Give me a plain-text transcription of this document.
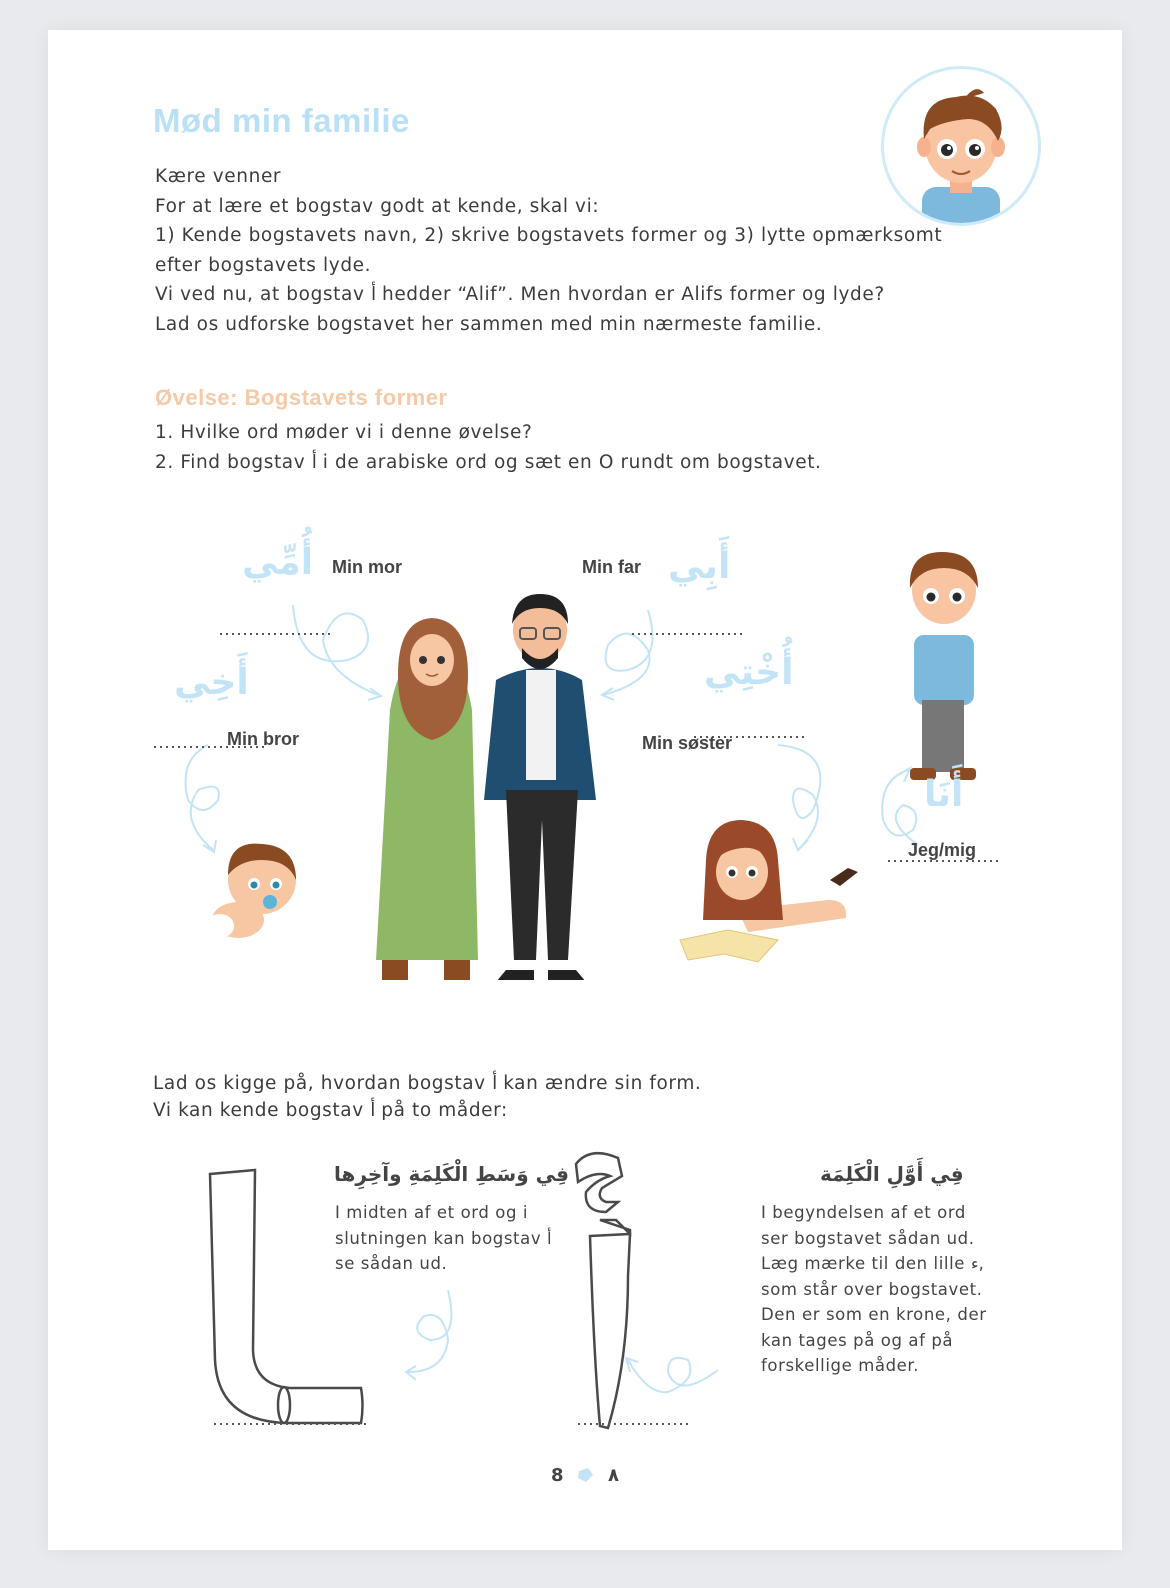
Mød min familie
Kære venner
For at lære et bogstav godt at kende, skal vi:
1) Kende bogstavets navn, 2) skrive bogstavets former og 3) lytte opmærksomt
efter bogstavets lyde.
Vi ved nu, at bogstav أ hedder “Alif”. Men hvordan er Alifs former og lyde?
Lad os udforske bogstavet her sammen med min nærmeste familie.
Øvelse: Bogstavets former
1. Hvilke ord møder vi i denne øvelse?
2. Find bogstav أ i de arabiske ord og sæt en O rundt om bogstavet.
أُمِّي Min mor	أَبِي
Min far
أَخِي
Min bror
أُخْتِي
Min søster
أَنَا
Jeg/mig
Lad os kigge på, hvordan bogstav أ kan ændre sin form.
Vi kan kende bogstav أ på to måder:
فِي وَسَطِ الْكَلِمَةِ وآخِرِها
I midten af et ord og i
slutningen kan bogstav أ
se sådan ud.
فِي أَوَّلِ الْكَلِمَة
I begyndelsen af et ord
ser bogstavet sådan ud.
Læg mærke til den lille ء,
som står over bogstavet.
Den er som en krone, der
kan tages på og af på
forskellige måder.
8 ٨
